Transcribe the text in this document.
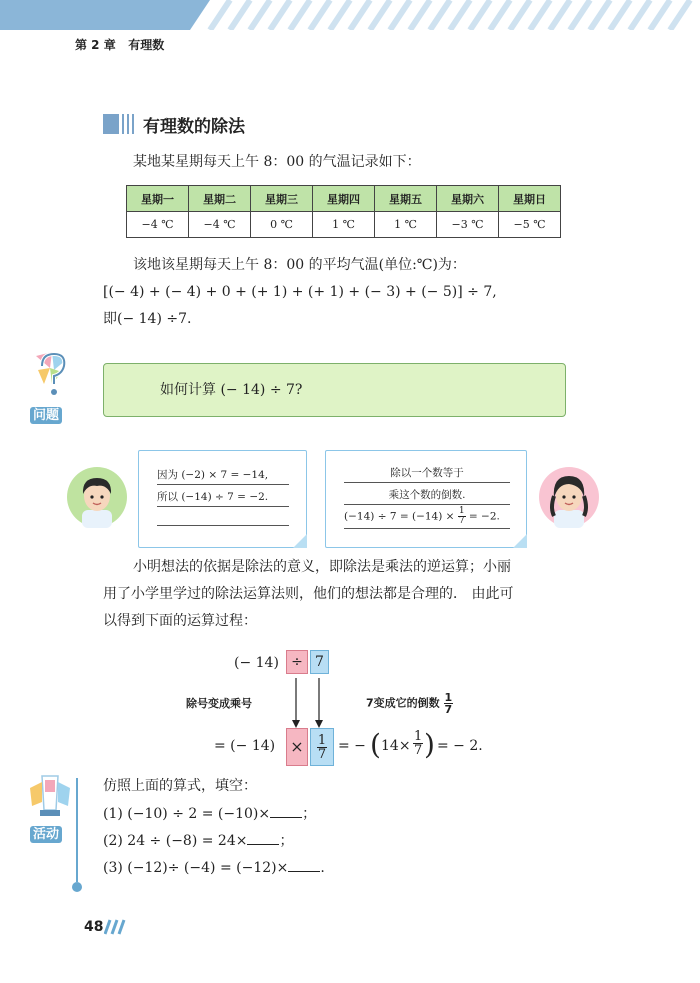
第 2 章 有理数
有理数的除法
某地某星期每天上午 8：00 的气温记录如下：
星期一	星期二	星期三	星期四	星期五	星期六	星期日
−4 ℃	−4 ℃	0 ℃	1 ℃	1 ℃	−3 ℃	−5 ℃
该地该星期每天上午 8：00 的平均气温(单位:℃)为：
[(− 4) + (− 4) + 0 + (+ 1) + (+ 1) + (− 3) + (− 5)] ÷ 7,
即(− 14) ÷7.
问题
如何计算 (− 14) ÷ 7?
因为 (−2) × 7 = −14,
所以 (−14) ÷ 7 = −2.
除以一个数等于
乘这个数的倒数.
$(-14) \div 7 = (-14) \times \frac{1}{7} = -2$.
小明想法的依据是除法的意义，即除法是乘法的逆运算；小丽
用了小学里学过的除法运算法则，他们的想法都是合理的． 由此可
以得到下面的运算过程：
(− 14) ÷ 7
除号变成乘号	7变成它的倒数 $\frac{1}{7}$
= (− 14) ×	$\frac{1}{7}$ = − ( $14\times \frac{1}{7}$ ) = − 2.
活动
仿照上面的算式，填空：
(1) (−10) ÷ 2 = (−10)× ；
(2) 24 ÷ (−8) = 24× ；
(3) (−12)÷ (−4) = (−12)× .
48
